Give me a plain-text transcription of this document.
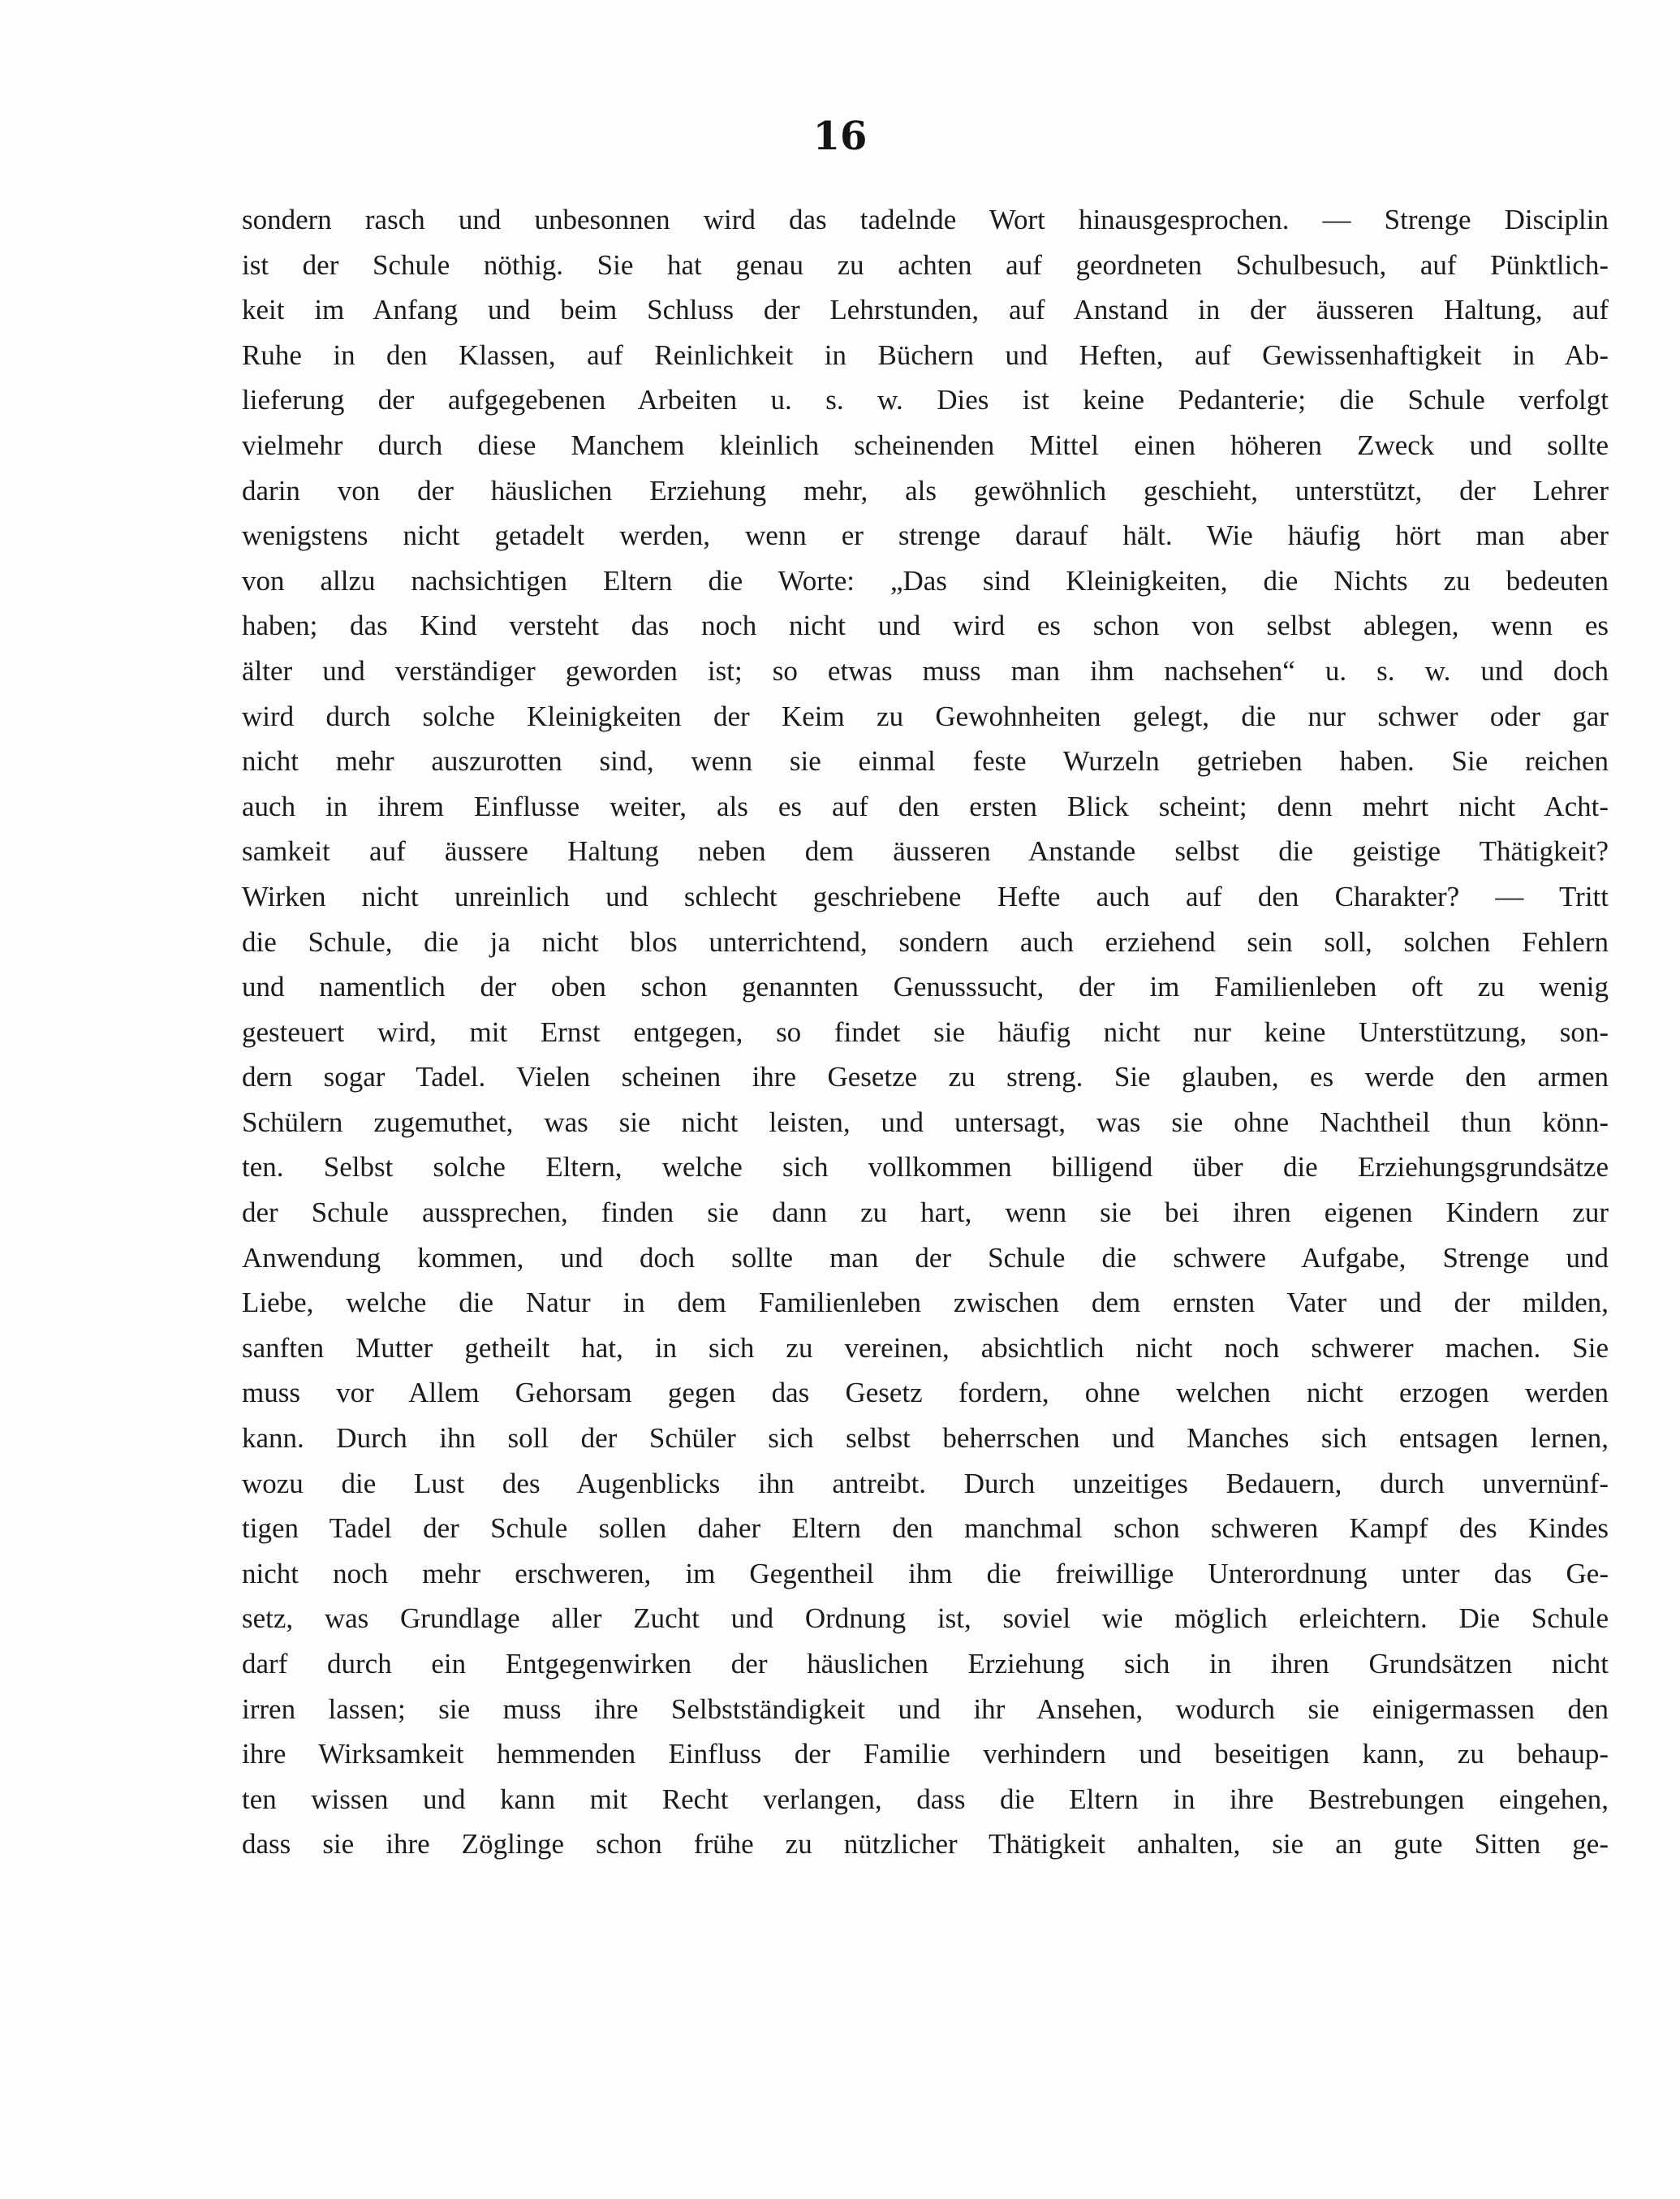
16
sondern rasch und unbesonnen wird das tadelnde Wort hinausgesprochen. — Strenge Disciplin
ist der Schule nöthig. Sie hat genau zu achten auf geordneten Schulbesuch, auf Pünktlich-
keit im Anfang und beim Schluss der Lehrstunden, auf Anstand in der äusseren Haltung, auf
Ruhe in den Klassen, auf Reinlichkeit in Büchern und Heften, auf Gewissenhaftigkeit in Ab-
lieferung der aufgegebenen Arbeiten u. s. w. Dies ist keine Pedanterie; die Schule verfolgt
vielmehr durch diese Manchem kleinlich scheinenden Mittel einen höheren Zweck und sollte
darin von der häuslichen Erziehung mehr, als gewöhnlich geschieht, unterstützt, der Lehrer
wenigstens nicht getadelt werden, wenn er strenge darauf hält. Wie häufig hört man aber
von allzu nachsichtigen Eltern die Worte: „Das sind Kleinigkeiten, die Nichts zu bedeuten
haben; das Kind versteht das noch nicht und wird es schon von selbst ablegen, wenn es
älter und verständiger geworden ist; so etwas muss man ihm nachsehen“ u. s. w. und doch
wird durch solche Kleinigkeiten der Keim zu Gewohnheiten gelegt, die nur schwer oder gar
nicht mehr auszurotten sind, wenn sie einmal feste Wurzeln getrieben haben. Sie reichen
auch in ihrem Einflusse weiter, als es auf den ersten Blick scheint; denn mehrt nicht Acht-
samkeit auf äussere Haltung neben dem äusseren Anstande selbst die geistige Thätigkeit?
Wirken nicht unreinlich und schlecht geschriebene Hefte auch auf den Charakter? — Tritt
die Schule, die ja nicht blos unterrichtend, sondern auch erziehend sein soll, solchen Fehlern
und namentlich der oben schon genannten Genusssucht, der im Familienleben oft zu wenig
gesteuert wird, mit Ernst entgegen, so findet sie häufig nicht nur keine Unterstützung, son-
dern sogar Tadel. Vielen scheinen ihre Gesetze zu streng. Sie glauben, es werde den armen
Schülern zugemuthet, was sie nicht leisten, und untersagt, was sie ohne Nachtheil thun könn-
ten. Selbst solche Eltern, welche sich vollkommen billigend über die Erziehungsgrundsätze
der Schule aussprechen, finden sie dann zu hart, wenn sie bei ihren eigenen Kindern zur
Anwendung kommen, und doch sollte man der Schule die schwere Aufgabe, Strenge und
Liebe, welche die Natur in dem Familienleben zwischen dem ernsten Vater und der milden,
sanften Mutter getheilt hat, in sich zu vereinen, absichtlich nicht noch schwerer machen. Sie
muss vor Allem Gehorsam gegen das Gesetz fordern, ohne welchen nicht erzogen werden
kann. Durch ihn soll der Schüler sich selbst beherrschen und Manches sich entsagen lernen,
wozu die Lust des Augenblicks ihn antreibt. Durch unzeitiges Bedauern, durch unvernünf-
tigen Tadel der Schule sollen daher Eltern den manchmal schon schweren Kampf des Kindes
nicht noch mehr erschweren, im Gegentheil ihm die freiwillige Unterordnung unter das Ge-
setz, was Grundlage aller Zucht und Ordnung ist, soviel wie möglich erleichtern. Die Schule
darf durch ein Entgegenwirken der häuslichen Erziehung sich in ihren Grundsätzen nicht
irren lassen; sie muss ihre Selbstständigkeit und ihr Ansehen, wodurch sie einigermassen den
ihre Wirksamkeit hemmenden Einfluss der Familie verhindern und beseitigen kann, zu behaup-
ten wissen und kann mit Recht verlangen, dass die Eltern in ihre Bestrebungen eingehen,
dass sie ihre Zöglinge schon frühe zu nützlicher Thätigkeit anhalten, sie an gute Sitten ge-
